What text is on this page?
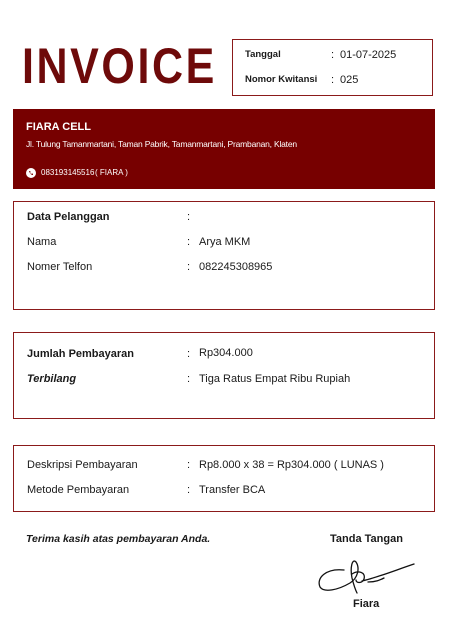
INVOICE	Tanggal	: 01-07-2025
Nomor Kwitansi : 025
FIARA CELL
Jl. Tulung Tamanmartani, Taman Pabrik, Tamanmartani, Prambanan, Klaten
083193145516 ( FIARA )
Data Pelanggan	:
Nama	: Arya MKM
Nomer Telfon	: 082245308965
Jumlah Pembayaran	: Rp304.000
Terbilang	: Tiga Ratus Empat Ribu Rupiah
Deskripsi Pembayaran	: Rp8.000 x 38 = Rp304.000 ( LUNAS )
Metode Pembayaran	: Transfer BCA
Terima kasih atas pembayaran Anda.	Tanda Tangan
Fiara
